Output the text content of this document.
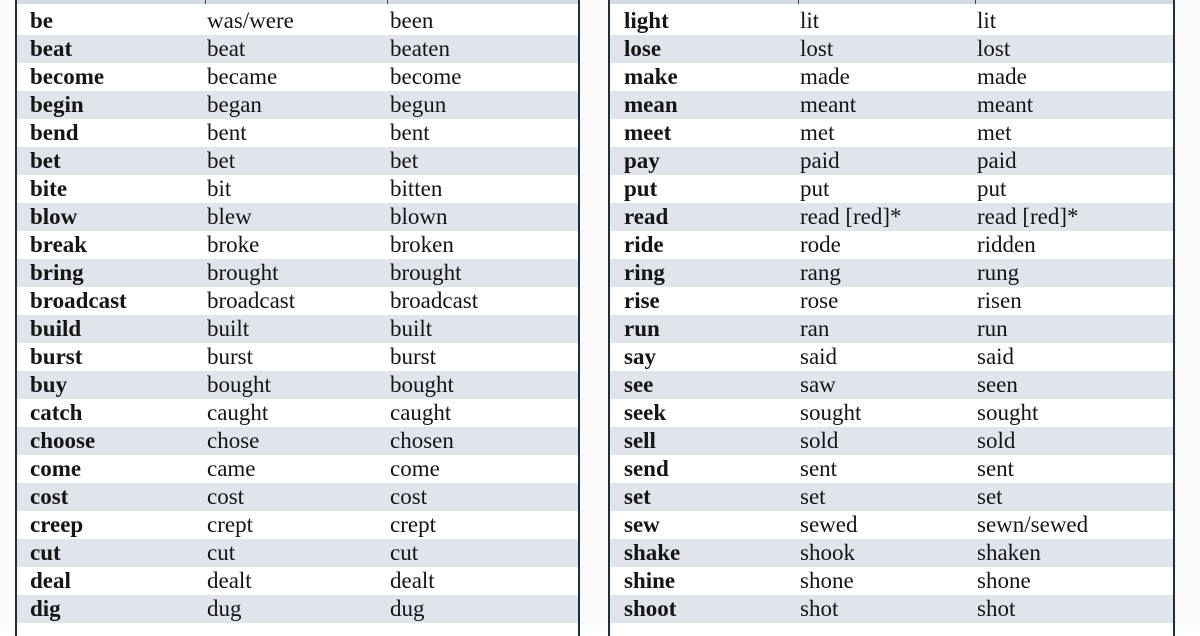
be	was/were	been
beat	beat	beaten
become	became	become
begin	began	begun
bend	bent	bent
bet	bet	bet
bite	bit	bitten
blow	blew	blown
break	broke	broken
bring	brought	brought
broadcast	broadcast	broadcast
build	built	built
burst	burst	burst
buy	bought	bought
catch	caught	caught
choose	chose	chosen
come	came	come
cost	cost	cost
creep	crept	crept
cut	cut	cut
deal	dealt	dealt
dig	dug	dug
light	lit	lit
lose	lost	lost
make	made	made
mean	meant	meant
meet	met	met
pay	paid	paid
put	put	put
read	read [red]*	read [red]*
ride	rode	ridden
ring	rang	rung
rise	rose	risen
run	ran	run
say	said	said
see	saw	seen
seek	sought	sought
sell	sold	sold
send	sent	sent
set	set	set
sew	sewed	sewn/sewed
shake	shook	shaken
shine	shone	shone
shoot	shot	shot
